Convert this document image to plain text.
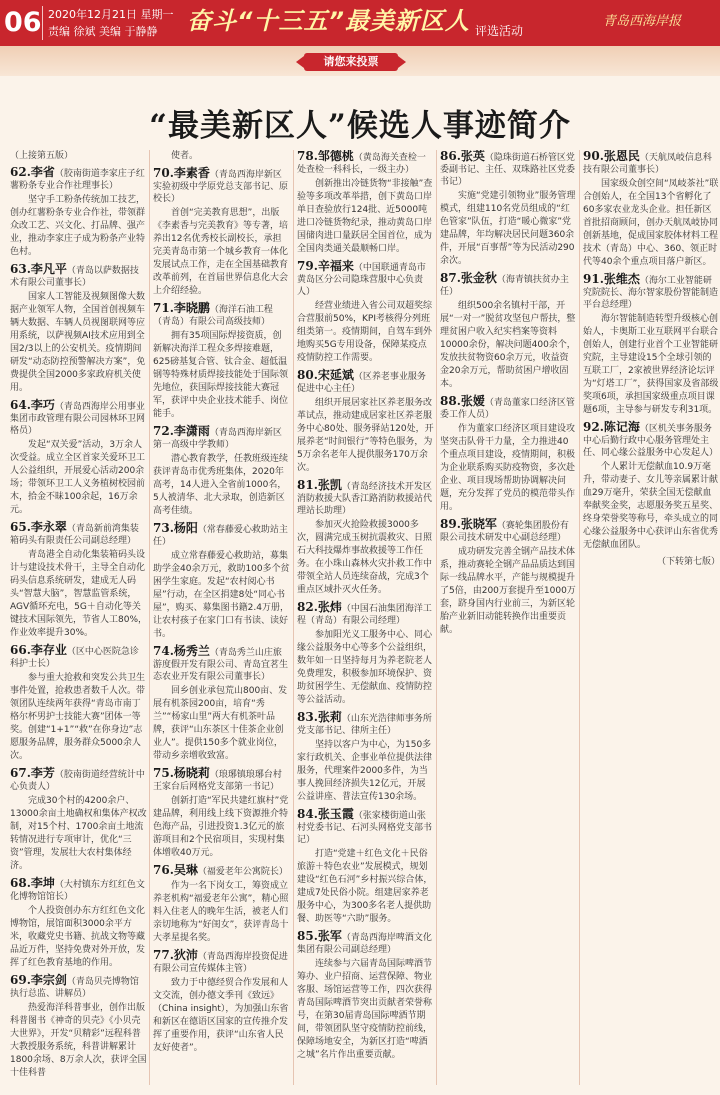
06 2020年12月21日 星期一
责编 徐斌 美编 于静静 奋斗“十三五”最美新区人 评选活动
青岛西海岸报
请您来投票
“最美新区人”候选人事迹简介
（上接第五版）
62.李省（胶南街道李家庄子红薯粉条专业合作社理事长）

坚守手工粉条传统加工技艺，创办红薯粉条专业合作社，带领群众改工艺、兴文化、打品牌、强产业，推动李家庄子成为粉条产业特色村。

63.李凡平（青岛以萨数据技术有限公司董事长）

国家人工智能及视频图像大数据产业领军人物，全国首创视频车辆大数据、车辆人员视图联网等应用系统，以萨视频AI技术应用到全国2/3以上的公安机关。疫情期间研发“动态防控预警解决方案”，免费提供全国2000多家政府机关使用。

64.李巧（青岛西海岸公用事业集团市政管理有限公司园林环卫网格员）

发起“双关爱”活动，3万余人次受益。成立全区首家关爱环卫工人公益组织，开展爱心活动200余场；带领环卫工人义务植树校园前木，拾金不昧100余起，16万余元。

65.李永翠（青岛新前湾集装箱码头有限责任公司副总经理）

青岛港全自动化集装箱码头设计与建设技术骨干，主导全自动化码头信息系统研发，建成无人码头“智慧大脑”，智慧监管系统，AGV循环充电，5G＋自动化等关键技术国际领先，节省人工80%，作业效率提升30%。

66.李存业（区中心医院急诊科护士长）

参与重大抢救和突发公共卫生事件处置，抢救患者数千人次。带领团队连续两年获得“青岛市南丁格尔杯男护士技能大赛”团体一等奖。创建“1+1”“救”在你身边”志愿服务品牌，服务群众5000余人次。

67.李芳（胶南街道经营统计中心负责人）

完成30个村的4200余户、13000余亩土地确权和集体产权改制，对15个村、1700余亩土地流转情况进行专项审计，优化“三资”管理，发展壮大农村集体经济。

68.李坤（大村镇东方红红色文化博物馆馆长）

个人投资创办东方红红色文化博物馆，展馆面积3000余平方米，收藏党史书籍、抗战文物等藏品近万件，坚持免费对外开放，发挥了红色教育基地的作用。

69.李宗剑（青岛贝壳博物馆执行总监、讲解员）

热爱海洋科普事业，创作出版科普图书《神奇的贝壳》《小贝壳大世界》，开发“贝精彩”远程科普大教授服务系统，科普讲解累计1800余场、8万余人次，获评全国十佳科普

使者。

70.李素香（青岛西海岸新区实验初级中学原党总支部书记、原校长）

首创“完美教育思想”，出版《李素香与完美教育》等专著，培养出12名优秀校长副校长，承担完美青岛市第一个城乡教育一体化发展试点工作，走在全国基础教育改革前列，在首届世界信息化大会上介绍经验。

71.李晓鹏（海洋石油工程（青岛）有限公司高级技师）

拥有35项国际焊接资质，创新解决海洋工程众多焊接难题，625磅基复合管、钛合金、超低温钢等特殊材质焊接技能处于国际领先地位，获国际焊接技能大赛冠军，获评中央企业技术能手、岗位能手。

72.李潇雨（青岛西海岸新区第一高级中学教师）

潜心教育教学，任教班级连续获评青岛市优秀班集体，2020年高考，14人进入全省前1000名，5人被清华、北大录取，创造新区高考佳绩。

73.杨阳（常春藤爱心救助站主任）

成立常春藤爱心救助站，募集助学金40余万元，救助100多个贫困学生家庭。发起“农村阅心书屋”行动，在全区捐建8处“同心书屋”，购买、募集图书籍2.4万册，让农村孩子在家门口有书读、读好书。

74.杨秀兰（青岛秀兰山庄旅游度假开发有限公司、青岛宜茗生态农业开发有限公司董事长）

回乡创业承包荒山800亩、发展有机茶园200亩，培育“秀兰”“杨家山里”两大有机茶叶品牌，获评“山东茶区十佳茶企业创业人”。提供150多个就业岗位，带动乡亲增收致富。

75.杨晓莉（琅琊镇琅琊台村王家台后网格党支部第一书记）

创新打造“军民共建红旗村”党建品牌，利用线上线下资源推介特色海产品，引进投资1.3亿元的旅游项目和2个民宿项目，实现村集体增收40万元。

76.吴琳（福爱老年公寓院长）

作为一名下岗女工，筹资成立养老机构“福爱老年公寓”，精心照料入住老人的晚年生活，被老人们亲切地称为“好闺女”，获评青岛十大孝星提名奖。

77.狄沛（青岛西海岸投资促进有限公司宣传媒体主管）

致力于中德经贸合作发展和人文交流，创办德文季刊《致远》（China insight），为加强山东省和新区在德语区国家的宣传推介发挥了重要作用，获评“山东省人民友好使者”。

78.邹德桃（黄岛海关查检一处查检一科科长，一级主办）

创新推出冷链货物“非接触”查验等多项改革举措，创下黄岛口岸单日查验放行124批、近5000吨进口冷链货物纪录，推动黄岛口岸国储肉进口量跃居全国首位，成为全国肉类通关最顺畅口岸。

79.辛福来（中国联通青岛市黄岛区分公司隐珠营服中心负责人）

经营业绩进入省公司双超奖综合营服前50%，KPI考核得分列班组类第一。疫情期间，自驾车到外地购买5G专用设备，保障某疫点疫情防控工作需要。

80.宋延斌（区养老事业服务促进中心主任）

组织开展居家社区养老服务改革试点，推动建成居家社区养老服务中心80处、服务驿站120处，开展养老“时间银行”等特色服务，为5万余名老年人提供服务170万余次。

81.张凯（青岛经济技术开发区消防救援大队香江路消防救援站代理站长助理）

参加灭火抢险救援3000多次，圆满完成玉树抗震救灾、日照石大科技爆炸事故救援等工作任务。在小珠山森林火灾扑救工作中带领全站人员连续奋战，完成3个重点区域扑灭火任务。

82.张炜（中国石油集团海洋工程（青岛）有限公司经理）

参加阳光义工服务中心、同心缘公益服务中心等多个公益组织，数年如一日坚持每月为养老院老人免费理发，积极参加环境保护、资助贫困学生、无偿献血、疫情防控等公益活动。

83.张莉（山东光浩律师事务所党支部书记、律所主任）

坚持以客户为中心，为150多家行政机关、企事业单位提供法律服务，代理案件2000多件，为当事人挽回经济损失12亿元，开展公益讲座、普法宣传130余场。

84.张玉霞（张家楼街道山张村党委书记、石河头网格党支部书记）

打造“党建＋红色文化＋民俗旅游＋特色农业”发展模式，规划建设“红色石河”乡村振兴综合体，建成7处民俗小院。组建居家养老服务中心，为300多名老人提供助餐、助医等“六助”服务。

85.张军（青岛西海岸啤酒文化集团有限公司副总经理）

连续参与六届青岛国际啤酒节筹办、业户招商、运营保障、物业客服、场馆运营等工作，四次获得青岛国际啤酒节突出贡献者荣誉称号，在第30届青岛国际啤酒节期间，带领团队坚守疫情防控前线，保障场地安全，为新区打造“啤酒之城”名片作出重要贡献。

86.张英（隐珠街道石桥管区党委副书记、主任、双珠路社区党委书记）

实施“党建引领物业”服务管理模式，组建110名党员组成的“红色管家”队伍，打造“暖心微家”党建品牌，年均解决居民问题360余件，开展“百事帮”等为民活动290余次。

87.张金秋（海青镇扶贫办主任）

组织500余名镇村干部，开展“一对一”脱贫攻坚包户帮扶，整理贫困户收入纪实档案等资料10000余份，解决问题400余个，发放扶贫物资60余万元，收益资金20余万元，帮助贫困户增收固本。

88.张嫒（青岛董家口经济区管委工作人员）

作为董家口经济区项目建设攻坚突击队骨干力量，全力推进40个重点项目建设，疫情期间，积极为企业联系购买防疫物资，多次赴企业、项目现场帮助协调解决问题，充分发挥了党员的模范带头作用。

89.张晓军（赛轮集团股份有限公司技术研发中心副总经理）

成功研发完善全钢产品技术体系，推动赛轮全钢产品品质达到国际一线品牌水平，产能与规模提升了5倍，由200万套提升至1000万套，跻身国内行业前三，为新区轮胎产业新旧动能转换作出重要贡献。

90.张恩民（天航凤岐信息科技有限公司董事长）

国家级众创空间“凤岐茶社”联合创始人，在全国13个省孵化了60多家农业龙头企业。担任新区首批招商顾问，创办天航凤岐协同创新基地，促成国家胶体材料工程技术（青岛）中心、360、领正时代等40余个重点项目落户新区。

91.张维杰（海尔工业智能研究院院长、海尔智家股份智能制造平台总经理）

海尔智能制造转型升级核心创始人，卡奥斯工业互联网平台联合创始人，创建行业首个工业智能研究院，主导建设15个全球引领的互联工厂，2家被世界经济论坛评为“灯塔工厂”，获得国家及省部级奖项6项，承担国家级重点项目课题6项，主导参与研发专利31项。

92.陈记海（区机关事务服务中心后勤行政中心服务管理处主任、同心缘公益服务中心发起人）

个人累计无偿献血10.9万毫升，带动妻子、女儿等亲属累计献血29万毫升，荣获全国无偿献血奉献奖金奖，志愿服务奖五星奖、终身荣誉奖等称号，牵头成立的同心缘公益服务中心获评山东省优秀无偿献血团队。

（下转第七版）
